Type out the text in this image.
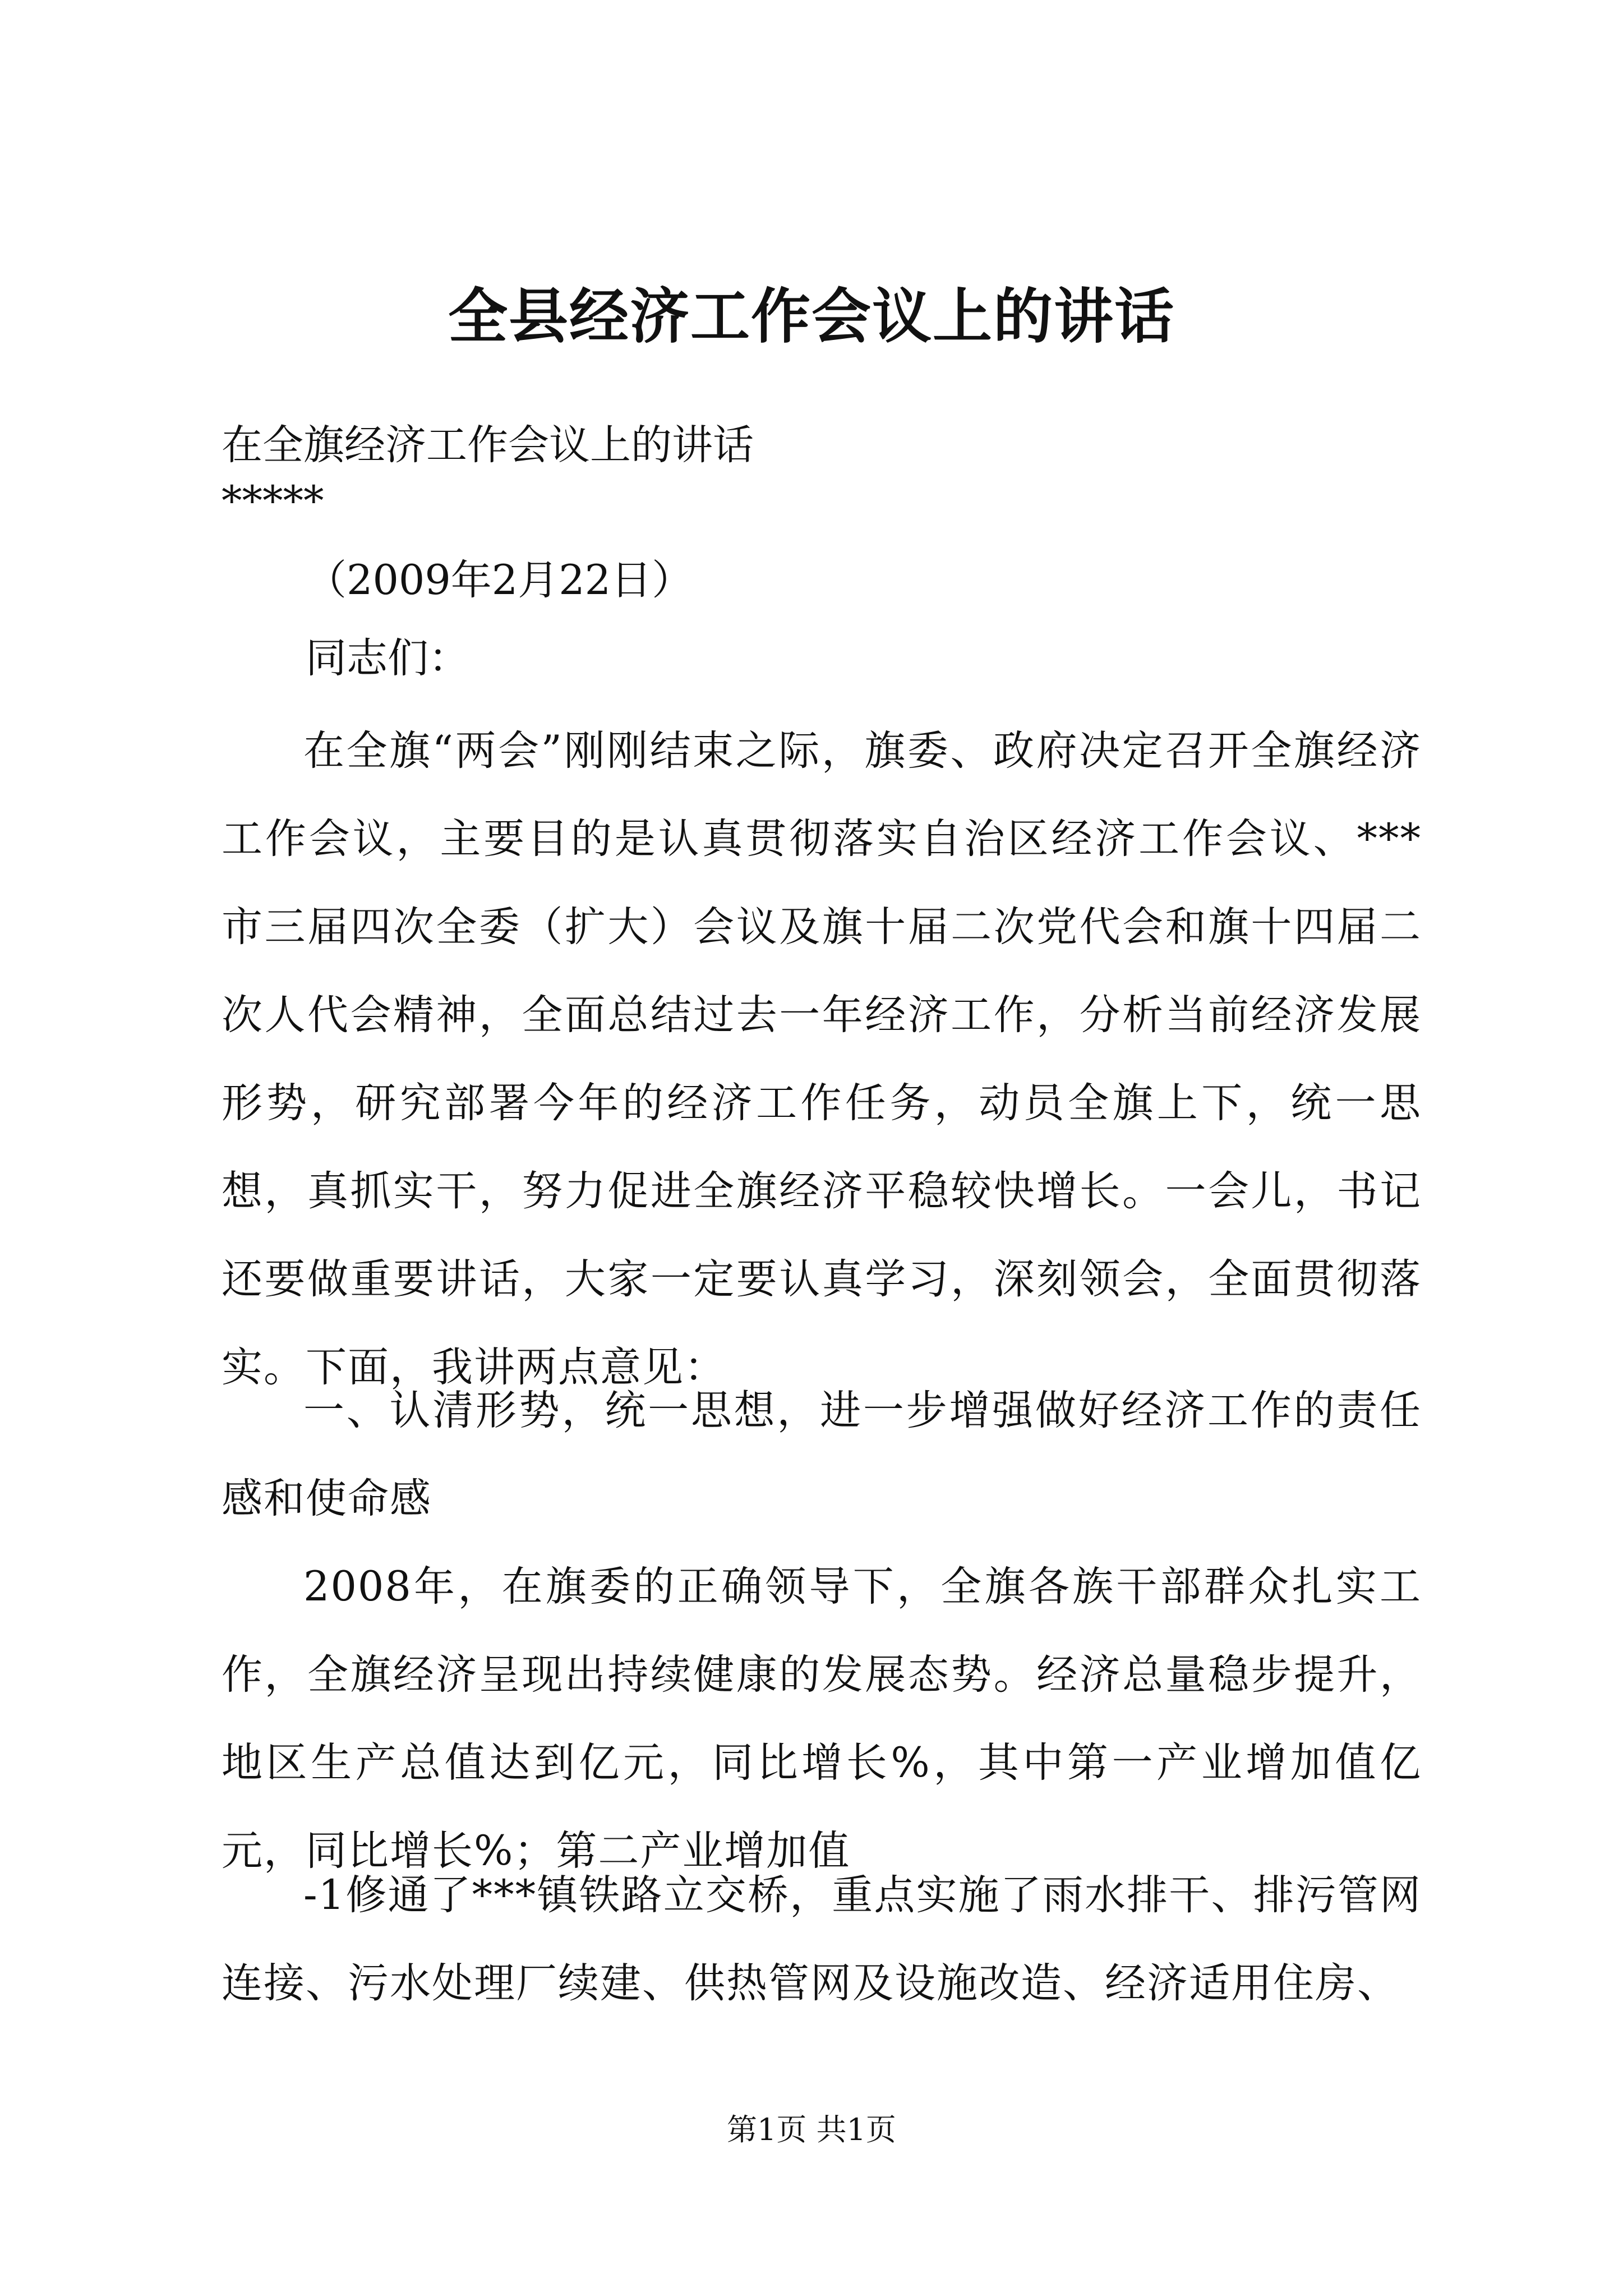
全县经济工作会议上的讲话
在全旗经济工作会议上的讲话
*****
（2009年2月22日）
同志们：
在全旗“两会”刚刚结束之际，旗委、政府决定召开全旗经济工作会议，主要目的是认真贯彻落实自治区经济工作会议、***市三届四次全委（扩大）会议及旗十届二次党代会和旗十四届二次人代会精神，全面总结过去一年经济工作，分析当前经济发展形势，研究部署今年的经济工作任务，动员全旗上下，统一思想，真抓实干，努力促进全旗经济平稳较快增长。一会儿，书记还要做重要讲话，大家一定要认真学习，深刻领会，全面贯彻落实。下面，我讲两点意见：
一、认清形势，统一思想，进一步增强做好经济工作的责任感和使命感
2008年，在旗委的正确领导下，全旗各族干部群众扎实工作，全旗经济呈现出持续健康的发展态势。经济总量稳步提升，地区生产总值达到亿元，同比增长%，其中第一产业增加值亿元，同比增长%；第二产业增加值
-1修通了***镇铁路立交桥，重点实施了雨水排干、排污管网连接、污水处理厂续建、供热管网及设施改造、经济适用住房、
第1页 共1页
